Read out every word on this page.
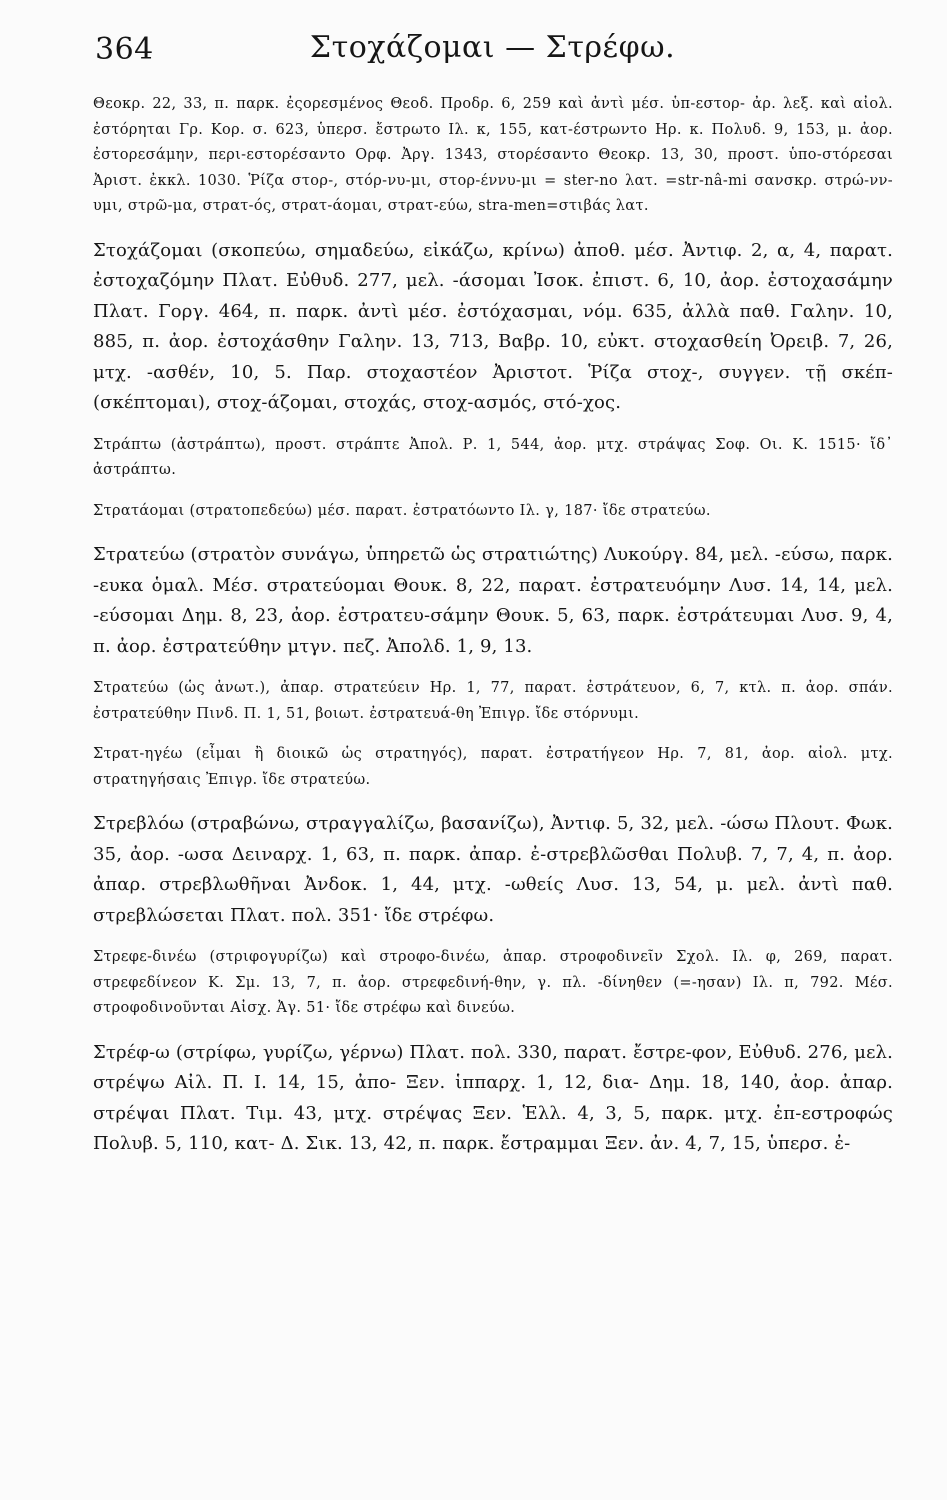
364	Στοχάζομαι — Στρέφω.

Θεοκρ. 22, 33, π. παρκ. ἐςορεσμένος Θεοδ. Προδρ. 6, 259 καὶ ἀντὶ μέσ. ὑπ-εστορ- ἀρ. λεξ. καὶ αἰολ. ἐστόρηται Γρ. Κορ. σ. 623, ὑπερσ. ἔστρωτο Ιλ. κ, 155, κατ-έστρωντο Ηρ. κ. Πολυδ. 9, 153, μ. ἀορ. ἐστορεσάμην, περι-εστορέσαντο Ορφ. Ἀργ. 1343, στορέσαντο Θεοκρ. 13, 30, προστ. ὑπο-στόρεσαι Ἀριστ. ἐκκλ. 1030. Ῥίζα στορ-, στόρ-νυ-μι, στορ-έννυ-μι = ster-no λατ. =str-nâ-mi σανσκρ. στρώ-νν-υμι, στρῶ-μα, στρατ-ός, στρατ-άομαι, στρατ-εύω, stra-men=στιβάς λατ.

Στοχάζομαι (σκοπεύω, σημαδεύω, εἰκάζω, κρίνω) ἀποθ. μέσ. Ἀντιφ. 2, α, 4, παρατ. ἐστοχαζόμην Πλατ. Εὐθυδ. 277, μελ. -άσομαι Ἰσοκ. ἐπιστ. 6, 10, ἀορ. ἐστοχασάμην Πλατ. Γοργ. 464, π. παρκ. ἀντὶ μέσ. ἐστόχασμαι, νόμ. 635, ἀλλὰ παθ. Γαλην. 10, 885, π. ἀορ. ἐστοχάσθην Γαλην. 13, 713, Βαβρ. 10, εὐκτ. στοχασθείη Ὀρειβ. 7, 26, μτχ. -ασθέν, 10, 5. Παρ. στοχαστέον Ἀριστοτ. Ῥίζα στοχ-, συγγεν. τῇ σκέπ-(σκέπτομαι), στοχ-άζομαι, στοχάς, στοχ-ασμός, στό-χος.

Στράπτω (ἀστράπτω), προστ. στράπτε Ἀπολ. Ρ. 1, 544, ἀορ. μτχ. στράψας Σοφ. Οι. Κ. 1515· ἴδ᾽ ἀστράπτω.

Στρατάομαι (στρατοπεδεύω) μέσ. παρατ. ἐστρατόωντο Ιλ. γ, 187· ἴδε στρατεύω.

Στρατεύω (στρατὸν συνάγω, ὑπηρετῶ ὡς στρατιώτης) Λυκούργ. 84, μελ. -εύσω, παρκ. -ευκα ὁμαλ. Μέσ. στρατεύομαι Θουκ. 8, 22, παρατ. ἐστρατευόμην Λυσ. 14, 14, μελ. -εύσομαι Δημ. 8, 23, ἀορ. ἐστρατευ-σάμην Θουκ. 5, 63, παρκ. ἐστράτευμαι Λυσ. 9, 4, π. ἀορ. ἐστρατεύθην μτγν. πεζ. Ἀπολδ. 1, 9, 13.

Στρατεύω (ὡς ἀνωτ.), ἀπαρ. στρατεύειν Ηρ. 1, 77, παρατ. ἐστράτευον, 6, 7, κτλ. π. ἀορ. σπάν. ἐστρατεύθην Πινδ. Π. 1, 51, βοιωτ. ἐστρατευά-θη Ἐπιγρ. ἴδε στόρνυμι.

Στρατ-ηγέω (εἶμαι ἢ διοικῶ ὡς στρατηγός), παρατ. ἐστρατήγεον Ηρ. 7, 81, ἀορ. αἰολ. μτχ. στρατηγήσαις Ἐπιγρ. ἴδε στρατεύω.

Στρεβλόω (στραβώνω, στραγγαλίζω, βασανίζω), Ἀντιφ. 5, 32, μελ. -ώσω Πλουτ. Φωκ. 35, ἀορ. -ωσα Δειναρχ. 1, 63, π. παρκ. ἀπαρ. ἐ-στρεβλῶσθαι Πολυβ. 7, 7, 4, π. ἀορ. ἀπαρ. στρεβλωθῆναι Ἀνδοκ. 1, 44, μτχ. -ωθείς Λυσ. 13, 54, μ. μελ. ἀντὶ παθ. στρεβλώσεται Πλατ. πολ. 351· ἴδε στρέφω.

Στρεφε-δινέω (στριφογυρίζω) καὶ στροφο-δινέω, ἀπαρ. στροφοδινεῖν Σχολ. Ιλ. φ, 269, παρατ. στρεφεδίνεον Κ. Σμ. 13, 7, π. ἀορ. στρεφεδινή-θην, γ. πλ. -δίνηθεν (=-ησαν) Ιλ. π, 792. Μέσ. στροφοδινοῦνται Αἰσχ. Ἀγ. 51· ἴδε στρέφω καὶ δινεύω.

Στρέφ-ω (στρίφω, γυρίζω, γέρνω) Πλατ. πολ. 330, παρατ. ἔστρε-φον, Εὐθυδ. 276, μελ. στρέψω Αἰλ. Π. Ι. 14, 15, ἀπο- Ξεν. ἱππαρχ. 1, 12, δια- Δημ. 18, 140, ἀορ. ἀπαρ. στρέψαι Πλατ. Τιμ. 43, μτχ. στρέψας Ξεν. Ἑλλ. 4, 3, 5, παρκ. μτχ. ἐπ-εστροφώς Πολυβ. 5, 110, κατ- Δ. Σικ. 13, 42, π. παρκ. ἔστραμμαι Ξεν. ἀν. 4, 7, 15, ὑπερσ. ἐ-
